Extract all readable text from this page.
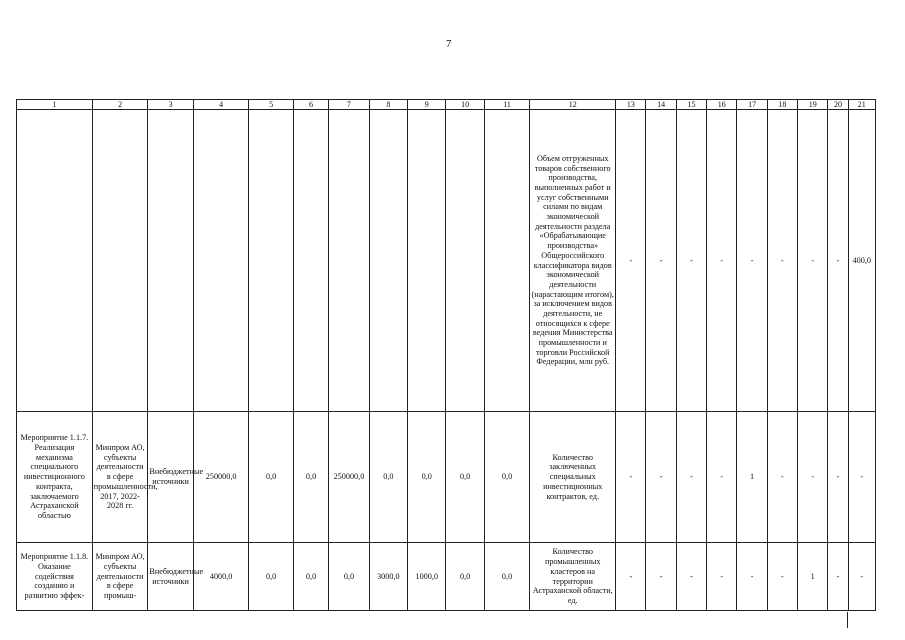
7
1	2	3	4	5	6	7	8	9	10	11	12	13	14	15	16	17	18	19	20	21
											Объем отгруженных товаров собственного производства, выполненных работ и услуг собственными силами по видам экономической деятельности раздела «Обрабатывающие производства» Общероссийского классификатора видов экономической деятельности (нарастающим итогом), за исключением видов деятельности, не относящихся к сфере ведения Министерства промышленности и торговли Российской Федерации, млн руб.	-	-	-	-	-	-	-	-	400,0
Мероприятие 1.1.7. Реализация механизма специального инвестиционного контракта, заключаемого Астраханской областью	Минпром АО, субъекты деятельности в сфере промышленности, 2017, 2022-2028 гг.	Внебюджетные источники	250000,0	0,0	0,0	250000,0	0,0	0,0	0,0	0,0	Количество заключенных специальных инвестиционных контрактов, ед.	-	-	-	-	1	-	-	-	-
Мероприятие 1.1.8. Оказание содействия созданию и развитию эффек-	Минпром АО, субъекты деятельности в сфере промыш-	Внебюджетные источники	4000,0	0,0	0,0	0,0	3000,0	1000,0	0,0	0,0	Количество промышленных кластеров на территории Астраханской области, ед.	-	-	-	-	-	-	1	-	-
